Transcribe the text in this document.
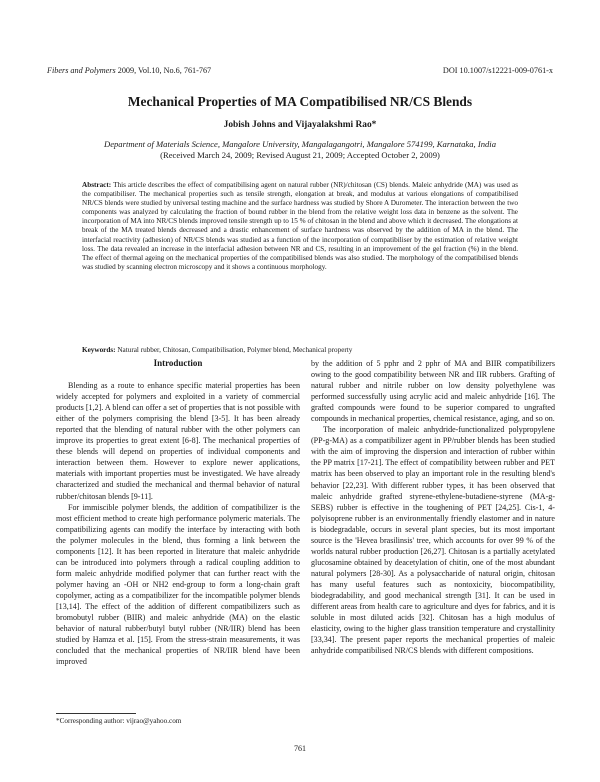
Fibers and Polymers 2009, Vol.10, No.6, 761-767	DOI 10.1007/s12221-009-0761-x
Mechanical Properties of MA Compatibilised NR/CS Blends
Jobish Johns and Vijayalakshmi Rao*
Department of Materials Science, Mangalore University, Mangalagangotri, Mangalore 574199, Karnataka, India
(Received March 24, 2009; Revised August 21, 2009; Accepted October 2, 2009)
Abstract: This article describes the effect of compatibilising agent on natural rubber (NR)/chitosan (CS) blends. Maleic anhydride (MA) was used as the compatibiliser. The mechanical properties such as tensile strength, elongation at break, and modulus at various elongations of compatibilised NR/CS blends were studied by universal testing machine and the surface hardness was studied by Shore A Durometer. The interaction between the two components was analyzed by calculating the fraction of bound rubber in the blend from the relative weight loss data in benzene as the solvent. The incorporation of MA into NR/CS blends improved tensile strength up to 15 % of chitosan in the blend and above which it decreased. The elongations at break of the MA treated blends decreased and a drastic enhancement of surface hardness was observed by the addition of MA in the blend. The interfacial reactivity (adhesion) of NR/CS blends was studied as a function of the incorporation of compatibiliser by the estimation of relative weight loss. The data revealed an increase in the interfacial adhesion between NR and CS, resulting in an improvement of the gel fraction (%) in the blend. The effect of thermal ageing on the mechanical properties of the compatibilised blends was also studied. The morphology of the compatibilised blends was studied by scanning electron microscopy and it shows a continuous morphology.
Keywords: Natural rubber, Chitosan, Compatibilisation, Polymer blend, Mechanical property
Introduction

Blending as a route to enhance specific material properties has been widely accepted for polymers and exploited in a variety of commercial products [1,2]. A blend can offer a set of properties that is not possible with either of the polymers comprising the blend [3-5]. It has been already reported that the blending of natural rubber with the other polymers can improve its properties to great extent [6-8]. The mechanical properties of these blends will depend on properties of individual components and interaction between them. However to explore newer applications, materials with important properties must be investigated. We have already characterized and studied the mechanical and thermal behavior of natural rubber/chitosan blends [9-11].

For immiscible polymer blends, the addition of compatibilizer is the most efficient method to create high performance polymeric materials. The compatibilizing agents can modify the interface by interacting with both the polymer molecules in the blend, thus forming a link between the components [12]. It has been reported in literature that maleic anhydride can be introduced into polymers through a radical coupling addition to form maleic anhydride modified polymer that can further react with the polymer having an -OH or NH2 end-group to form a long-chain graft copolymer, acting as a compatibilizer for the incompatible polymer blends [13,14]. The effect of the addition of different compatibilizers such as bromobutyl rubber (BIIR) and maleic anhydride (MA) on the elastic behavior of natural rubber/butyl butyl rubber (NR/IIR) blend has been studied by Hamza et al. [15]. From the stress-strain measurements, it was concluded that the mechanical properties of NR/IIR blend have been improved

by the addition of 5 pphr and 2 pphr of MA and BIIR compatibilizers owing to the good compatibility between NR and IIR rubbers. Grafting of natural rubber and nitrile rubber on low density polyethylene was performed successfully using acrylic acid and maleic anhydride [16]. The grafted compounds were found to be superior compared to ungrafted compounds in mechanical properties, chemical resistance, aging, and so on.

The incorporation of maleic anhydride-functionalized polypropylene (PP-g-MA) as a compatibilizer agent in PP/rubber blends has been studied with the aim of improving the dispersion and interaction of rubber within the PP matrix [17-21]. The effect of compatibility between rubber and PET matrix has been observed to play an important role in the resulting blend's behavior [22,23]. With different rubber types, it has been observed that maleic anhydride grafted styrene-ethylene-butadiene-styrene (MA-g-SEBS) rubber is effective in the toughening of PET [24,25]. Cis-1, 4-polyisoprene rubber is an environmentally friendly elastomer and in nature is biodegradable, occurs in several plant species, but its most important source is the 'Hevea brasilinsis' tree, which accounts for over 99 % of the worlds natural rubber production [26,27]. Chitosan is a partially acetylated glucosamine obtained by deacetylation of chitin, one of the most abundant natural polymers [28-30]. As a polysaccharide of natural origin, chitosan has many useful features such as nontoxicity, biocompatibility, biodegradability, and good mechanical strength [31]. It can be used in different areas from health care to agriculture and dyes for fabrics, and it is soluble in most diluted acids [32]. Chitosan has a high modulus of elasticity, owing to the higher glass transition temperature and crystallinity [33,34]. The present paper reports the mechanical properties of maleic anhydride compatibilised NR/CS blends with different compositions.

*Corresponding author: vijrao@yahoo.com
761
